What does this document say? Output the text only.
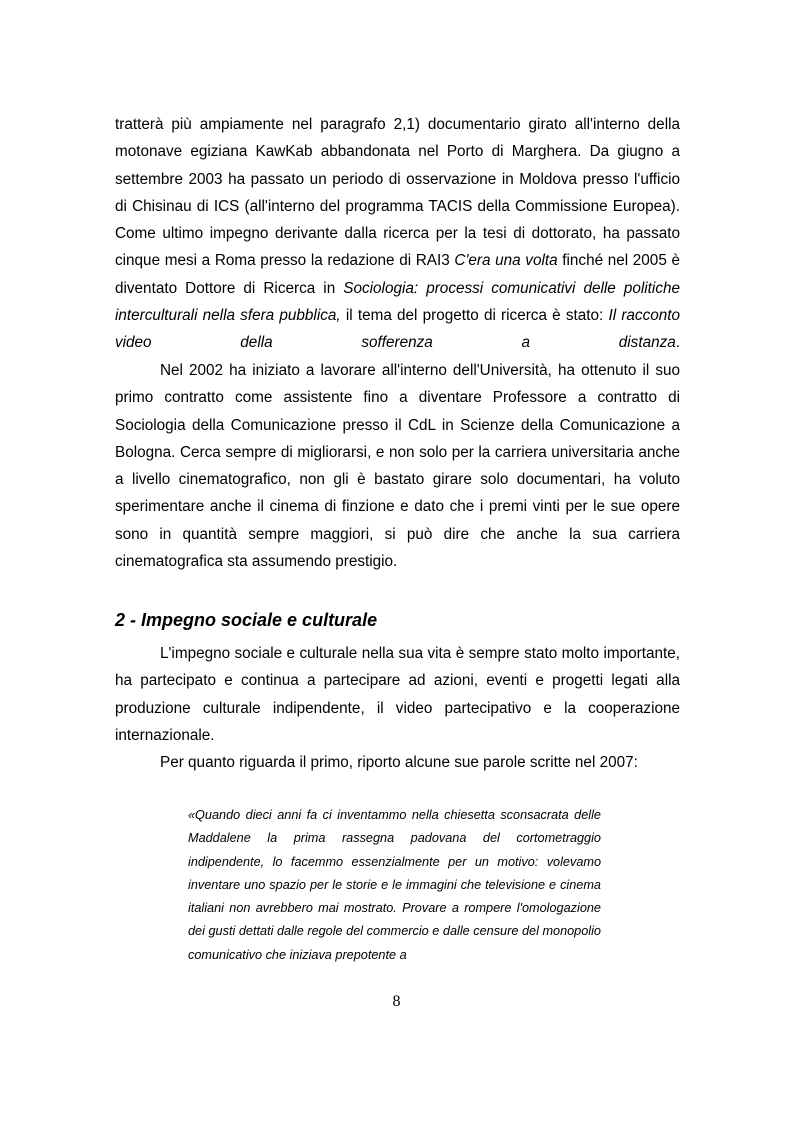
tratterà più ampiamente nel paragrafo 2,1) documentario girato all'interno della motonave egiziana KawKab abbandonata nel Porto di Marghera. Da giugno a settembre 2003 ha passato un periodo di osservazione in Moldova presso l'ufficio di Chisinau di ICS (all'interno del programma TACIS della Commissione Europea). Come ultimo impegno derivante dalla ricerca per la tesi di dottorato, ha passato cinque mesi a Roma presso la redazione di RAI3 C'era una volta finché nel 2005 è diventato Dottore di Ricerca in Sociologia: processi comunicativi delle politiche interculturali nella sfera pubblica, il tema del progetto di ricerca è stato: Il racconto video della sofferenza a distanza.

Nel 2002 ha iniziato a lavorare all'interno dell'Università, ha ottenuto il suo primo contratto come assistente fino a diventare Professore a contratto di Sociologia della Comunicazione presso il CdL in Scienze della Comunicazione a Bologna. Cerca sempre di migliorarsi, e non solo per la carriera universitaria anche a livello cinematografico, non gli è bastato girare solo documentari, ha voluto sperimentare anche il cinema di finzione e dato che i premi vinti per le sue opere sono in quantità sempre maggiori, si può dire che anche la sua carriera cinematografica sta assumendo prestigio.

2 - Impegno sociale e culturale

L'impegno sociale e culturale nella sua vita è sempre stato molto importante, ha partecipato e continua a partecipare ad azioni, eventi e progetti legati alla produzione culturale indipendente, il video partecipativo e la cooperazione internazionale.

Per quanto riguarda il primo, riporto alcune sue parole scritte nel 2007:

«Quando dieci anni fa ci inventammo nella chiesetta sconsacrata delle Maddalene la prima rassegna padovana del cortometraggio indipendente, lo facemmo essenzialmente per un motivo: volevamo inventare uno spazio per le storie e le immagini che televisione e cinema italiani non avrebbero mai mostrato. Provare a rompere l'omologazione dei gusti dettati dalle regole del commercio e dalle censure del monopolio comunicativo che iniziava prepotente a
8
